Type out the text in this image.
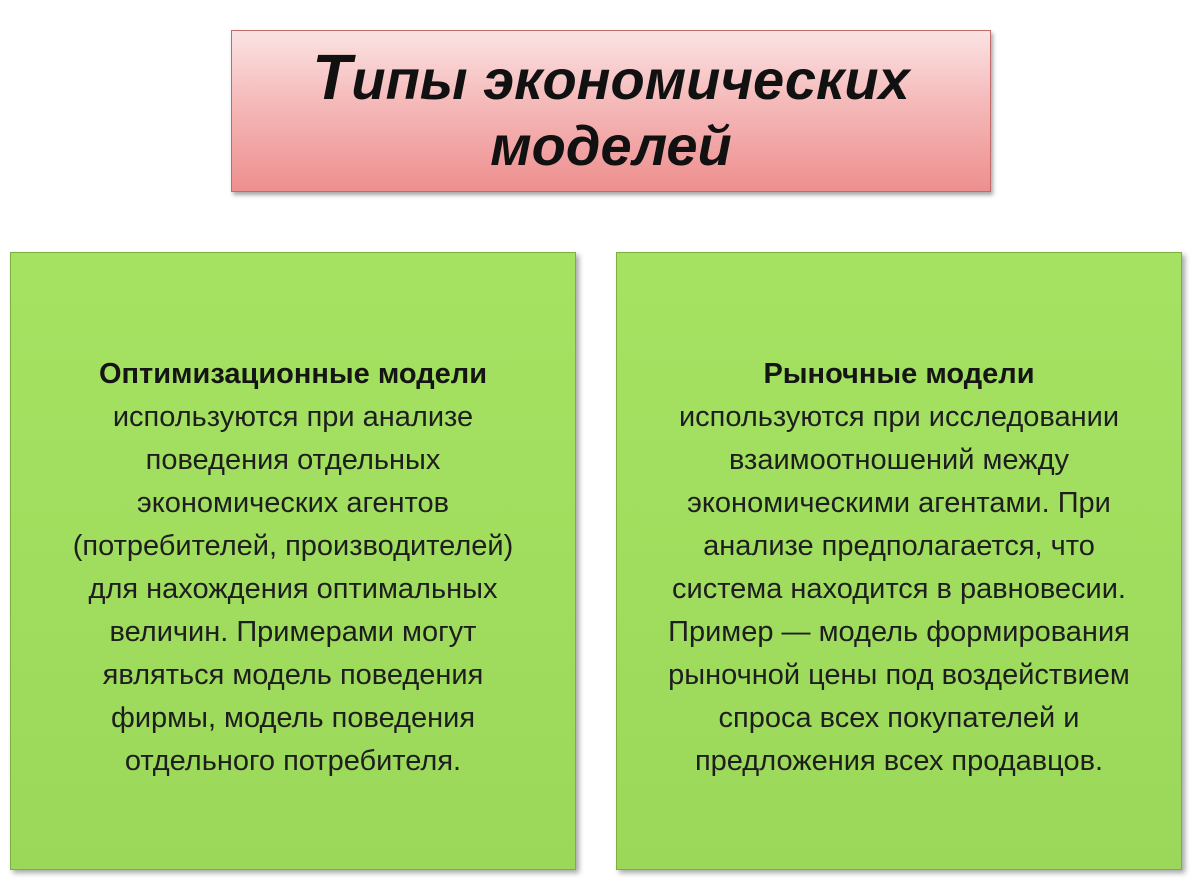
Типы экономических
моделей

Оптимизационные модели
используются при анализе
поведения отдельных
экономических агентов
(потребителей, производителей)
для нахождения оптимальных
величин. Примерами могут
являться модель поведения
фирмы, модель поведения
отдельного потребителя.
Рыночные модели
используются при исследовании
взаимоотношений между
экономическими агентами. При
анализе предполагается, что
система находится в равновесии.
Пример — модель формирования
рыночной цены под воздействием
спроса всех покупателей и
предложения всех продавцов.
